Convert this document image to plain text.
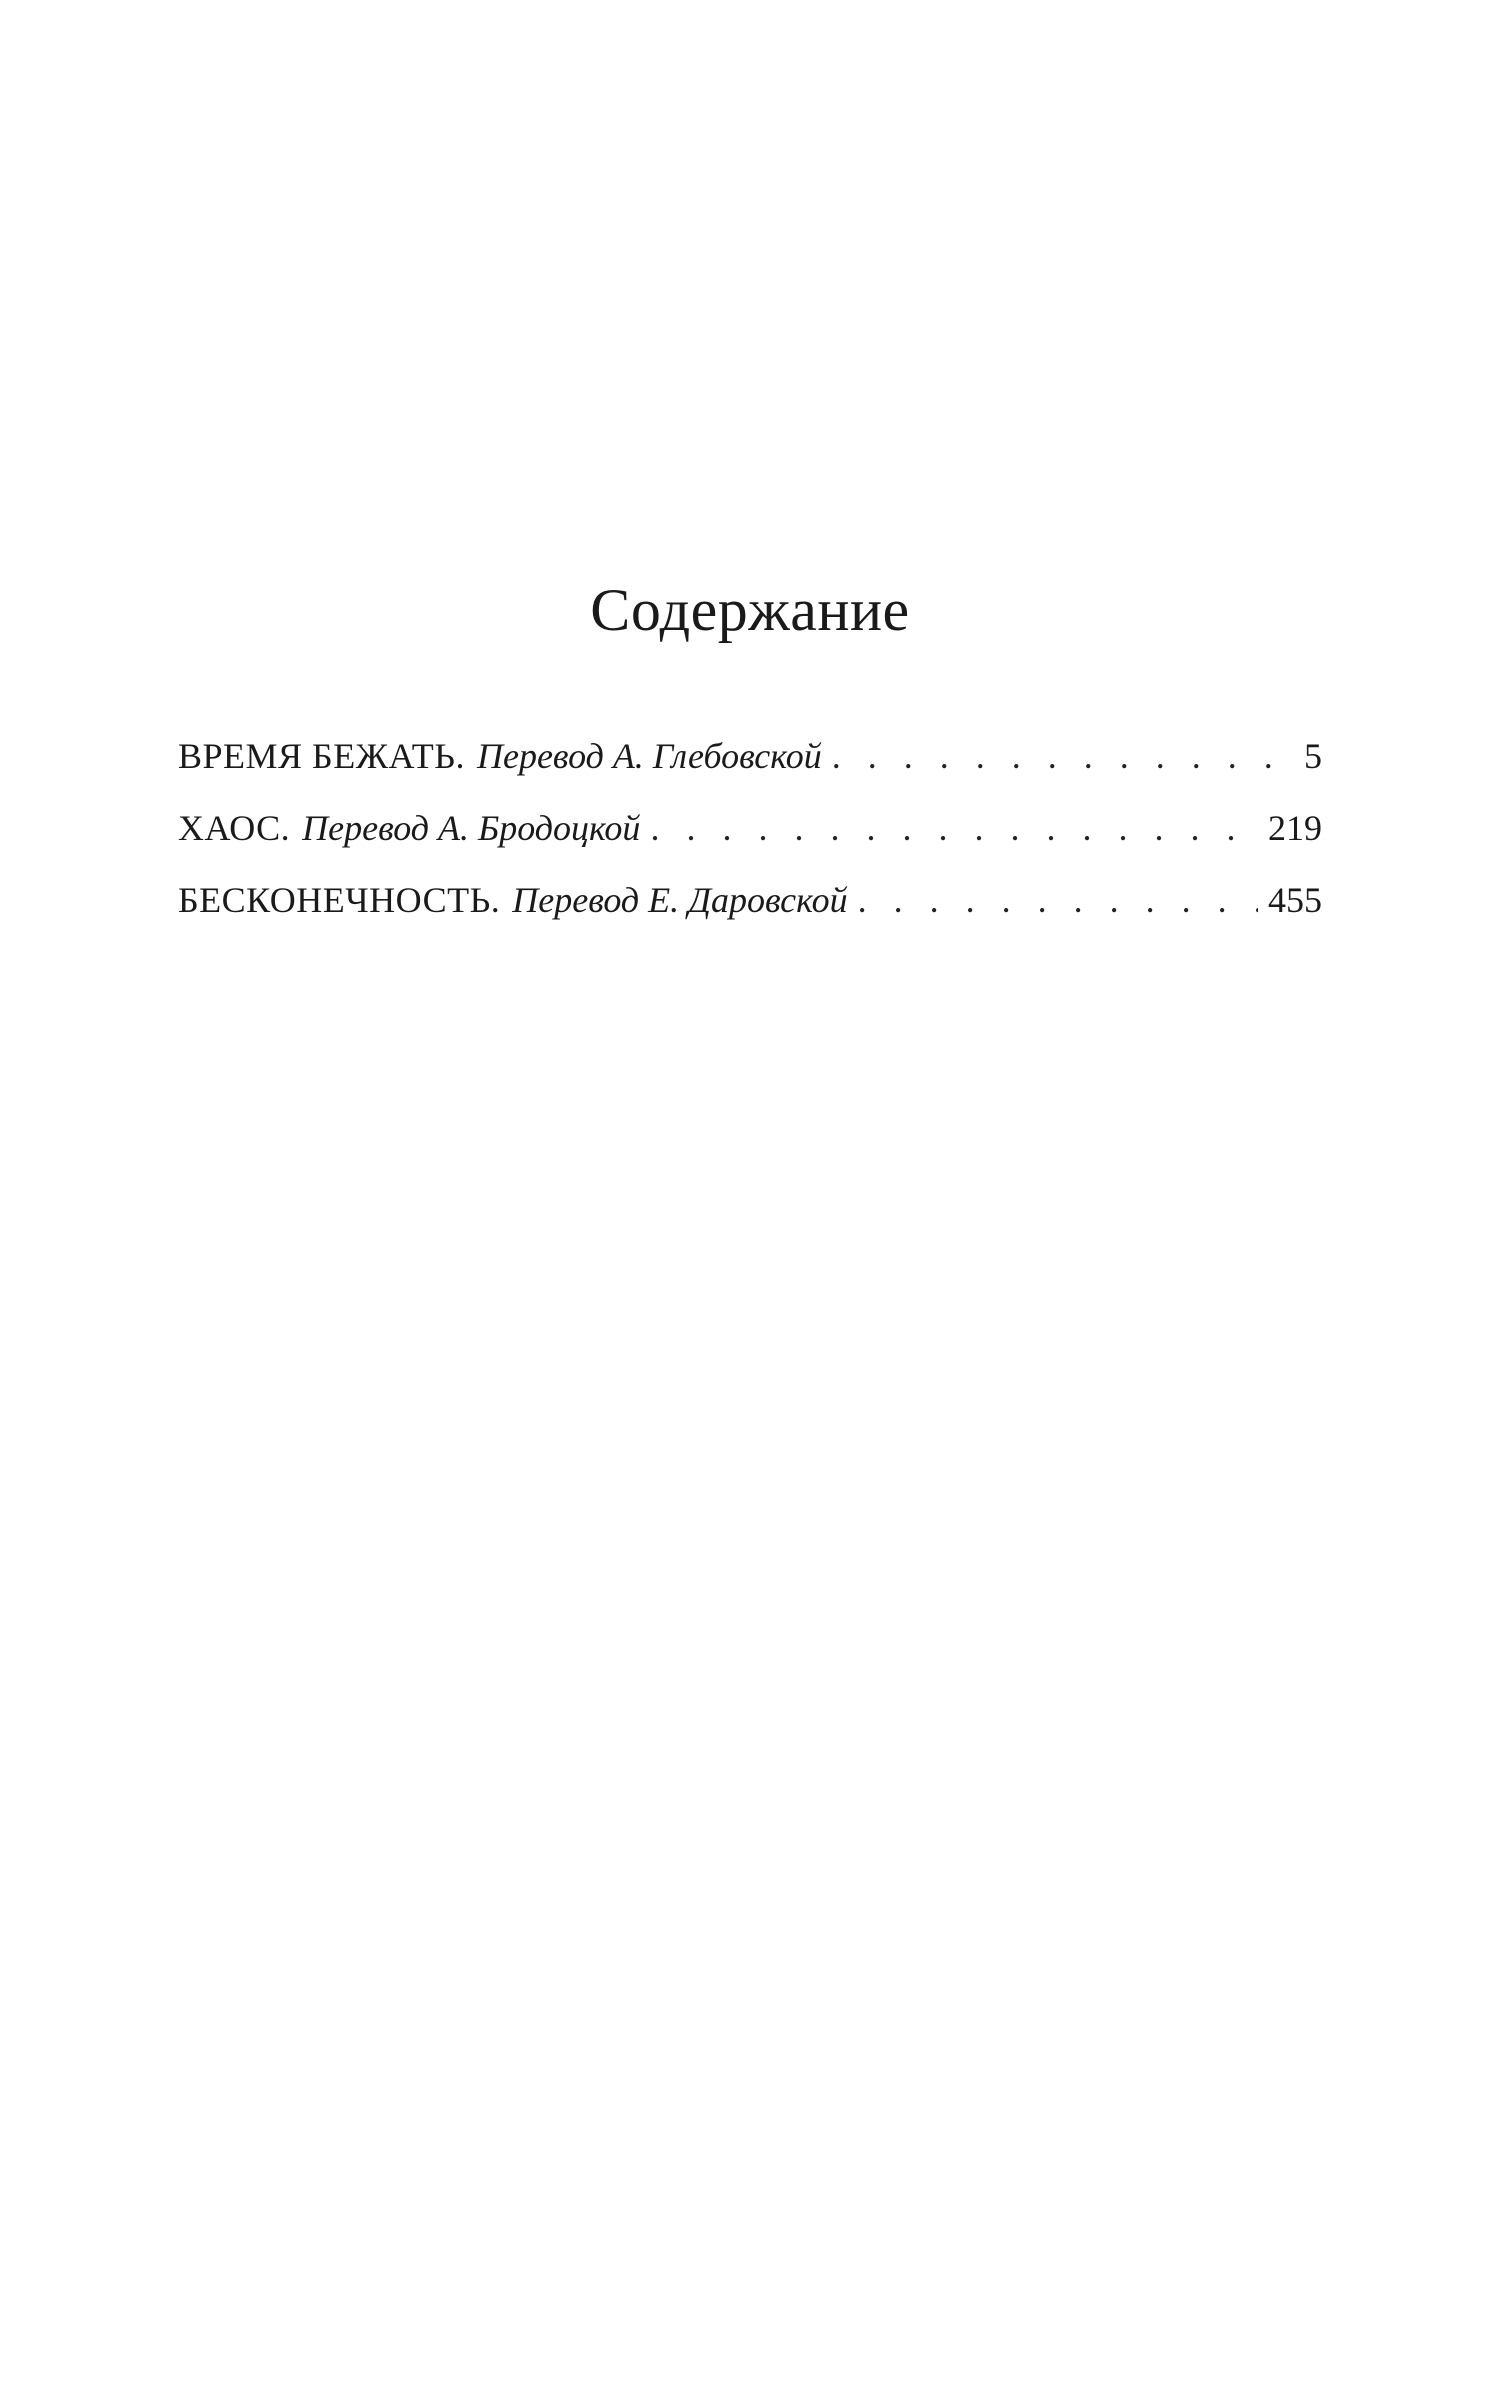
Содержание
ВРЕМЯ БЕЖАТЬ. Перевод А. Глебовской . . .	5
ХАОС. Перевод А. Бродоцкой . . .	219
БЕСКОНЕЧНОСТЬ. Перевод Е. Даровской . . .	455
